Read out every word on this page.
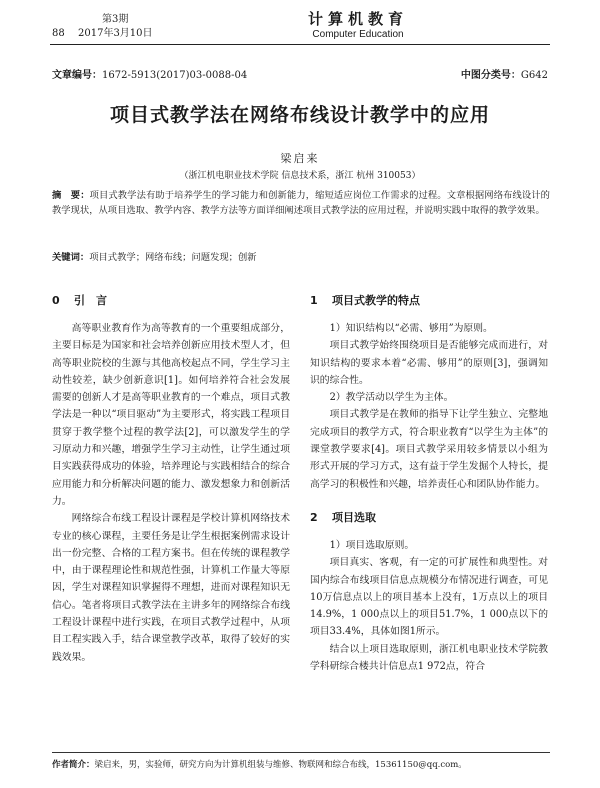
第3期
88 2017年3月10日
计算机教育
Computer Education
文章编号：1672-5913(2017)03-0088-04	中图分类号：G642
项目式教学法在网络布线设计教学中的应用
梁启来
（浙江机电职业技术学院 信息技术系，浙江 杭州 310053）
摘　要：项目式教学法有助于培养学生的学习能力和创新能力，缩短适应岗位工作需求的过程。文章根据网络布线设计的教学现状，从项目选取、教学内容、教学方法等方面详细阐述项目式教学法的应用过程，并说明实践中取得的教学效果。
关键词：项目式教学；网络布线；问题发现；创新
0 引　言

高等职业教育作为高等教育的一个重要组成部分，主要目标是为国家和社会培养创新应用技术型人才，但高等职业院校的生源与其他高校起点不同，学生学习主动性较差，缺少创新意识[1]。如何培养符合社会发展需要的创新人才是高等职业教育的一个难点，项目式教学法是一种以“项目驱动”为主要形式，将实践工程项目贯穿于教学整个过程的教学法[2]，可以激发学生的学习原动力和兴趣，增强学生学习主动性，让学生通过项目实践获得成功的体验，培养理论与实践相结合的综合应用能力和分析解决问题的能力、激发想象力和创新活力。

网络综合布线工程设计课程是学校计算机网络技术专业的核心课程，主要任务是让学生根据案例需求设计出一份完整、合格的工程方案书。但在传统的课程教学中，由于课程理论性和规范性强，计算机工作量大等原因，学生对课程知识掌握得不理想，进而对课程知识无信心。笔者将项目式教学法在主讲多年的网络综合布线工程设计课程中进行实践，在项目式教学过程中，从项目工程实践入手，结合课堂教学改革，取得了较好的实践效果。

1 项目式教学的特点

1）知识结构以“必需、够用”为原则。

项目式教学始终围绕项目是否能够完成而进行，对知识结构的要求本着“必需、够用”的原则[3]，强调知识的综合性。

2）教学活动以学生为主体。

项目式教学是在教师的指导下让学生独立、完整地完成项目的教学方式，符合职业教育“以学生为主体”的课堂教学要求[4]。项目式教学采用较多情景以小组为形式开展的学习方式，这有益于学生发掘个人特长，提高学习的积极性和兴趣，培养责任心和团队协作能力。

2 项目选取

1）项目选取原则。

项目真实、客观，有一定的可扩展性和典型性。对国内综合布线项目信息点规模分布情况进行调查，可见10万信息点以上的项目基本上没有，1万点以上的项目14.9%，1 000点以上的项目51.7%，1 000点以下的项目33.4%，具体如图1所示。

结合以上项目选取原则，浙江机电职业技术学院教学科研综合楼共计信息点1 972点，符合

作者简介：梁启来，男，实验师，研究方向为计算机组装与维修、物联网和综合布线，15361150@qq.com。
